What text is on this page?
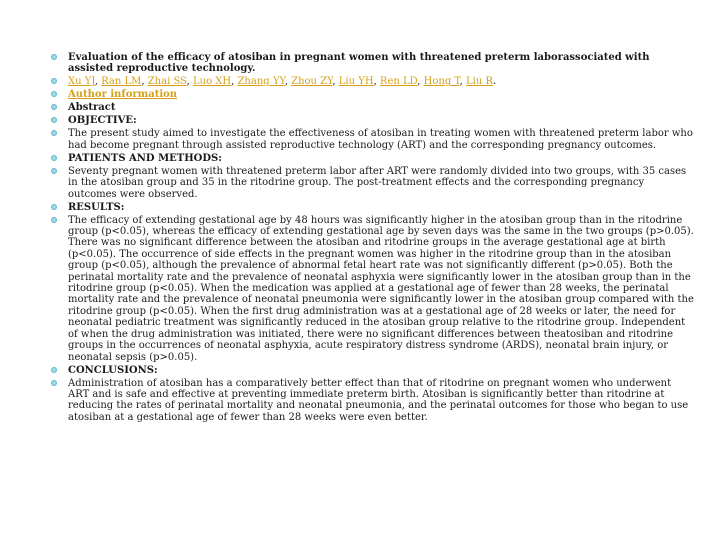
Evaluation of the efficacy of atosiban in pregnant women with threatened preterm laborassociated with assisted reproductive technology.
Xu YJ, Ran LM, Zhai SS, Luo XH, Zhang YY, Zhou ZY, Liu YH, Ren LD, Hong T, Liu R.
Author information
Abstract
OBJECTIVE:
The present study aimed to investigate the effectiveness of atosiban in treating women with threatened preterm labor who had become pregnant through assisted reproductive technology (ART) and the corresponding pregnancy outcomes.
PATIENTS AND METHODS:
Seventy pregnant women with threatened preterm labor after ART were randomly divided into two groups, with 35 cases in the atosiban group and 35 in the ritodrine group. The post-treatment effects and the corresponding pregnancy outcomes were observed.
RESULTS:
The efficacy of extending gestational age by 48 hours was significantly higher in the atosiban group than in the ritodrine group (p<0.05), whereas the efficacy of extending gestational age by seven days was the same in the two groups (p>0.05). There was no significant difference between the atosiban and ritodrine groups in the average gestational age at birth (p<0.05). The occurrence of side effects in the pregnant women was higher in the ritodrine group than in the atosiban group (p<0.05), although the prevalence of abnormal fetal heart rate was not significantly different (p>0.05). Both the perinatal mortality rate and the prevalence of neonatal asphyxia were significantly lower in the atosiban group than in the ritodrine group (p<0.05). When the medication was applied at a gestational age of fewer than 28 weeks, the perinatal mortality rate and the prevalence of neonatal pneumonia were significantly lower in the atosiban group compared with the ritodrine group (p<0.05). When the first drug administration was at a gestational age of 28 weeks or later, the need for neonatal pediatric treatment was significantly reduced in the atosiban group relative to the ritodrine group. Independent of when the drug administration was initiated, there were no significant differences between theatosiban and ritodrine groups in the occurrences of neonatal asphyxia, acute respiratory distress syndrome (ARDS), neonatal brain injury, or neonatal sepsis (p>0.05).
CONCLUSIONS:
Administration of atosiban has a comparatively better effect than that of ritodrine on pregnant women who underwent ART and is safe and effective at preventing immediate preterm birth. Atosiban is significantly better than ritodrine at reducing the rates of perinatal mortality and neonatal pneumonia, and the perinatal outcomes for those who began to use atosiban at a gestational age of fewer than 28 weeks were even better.
